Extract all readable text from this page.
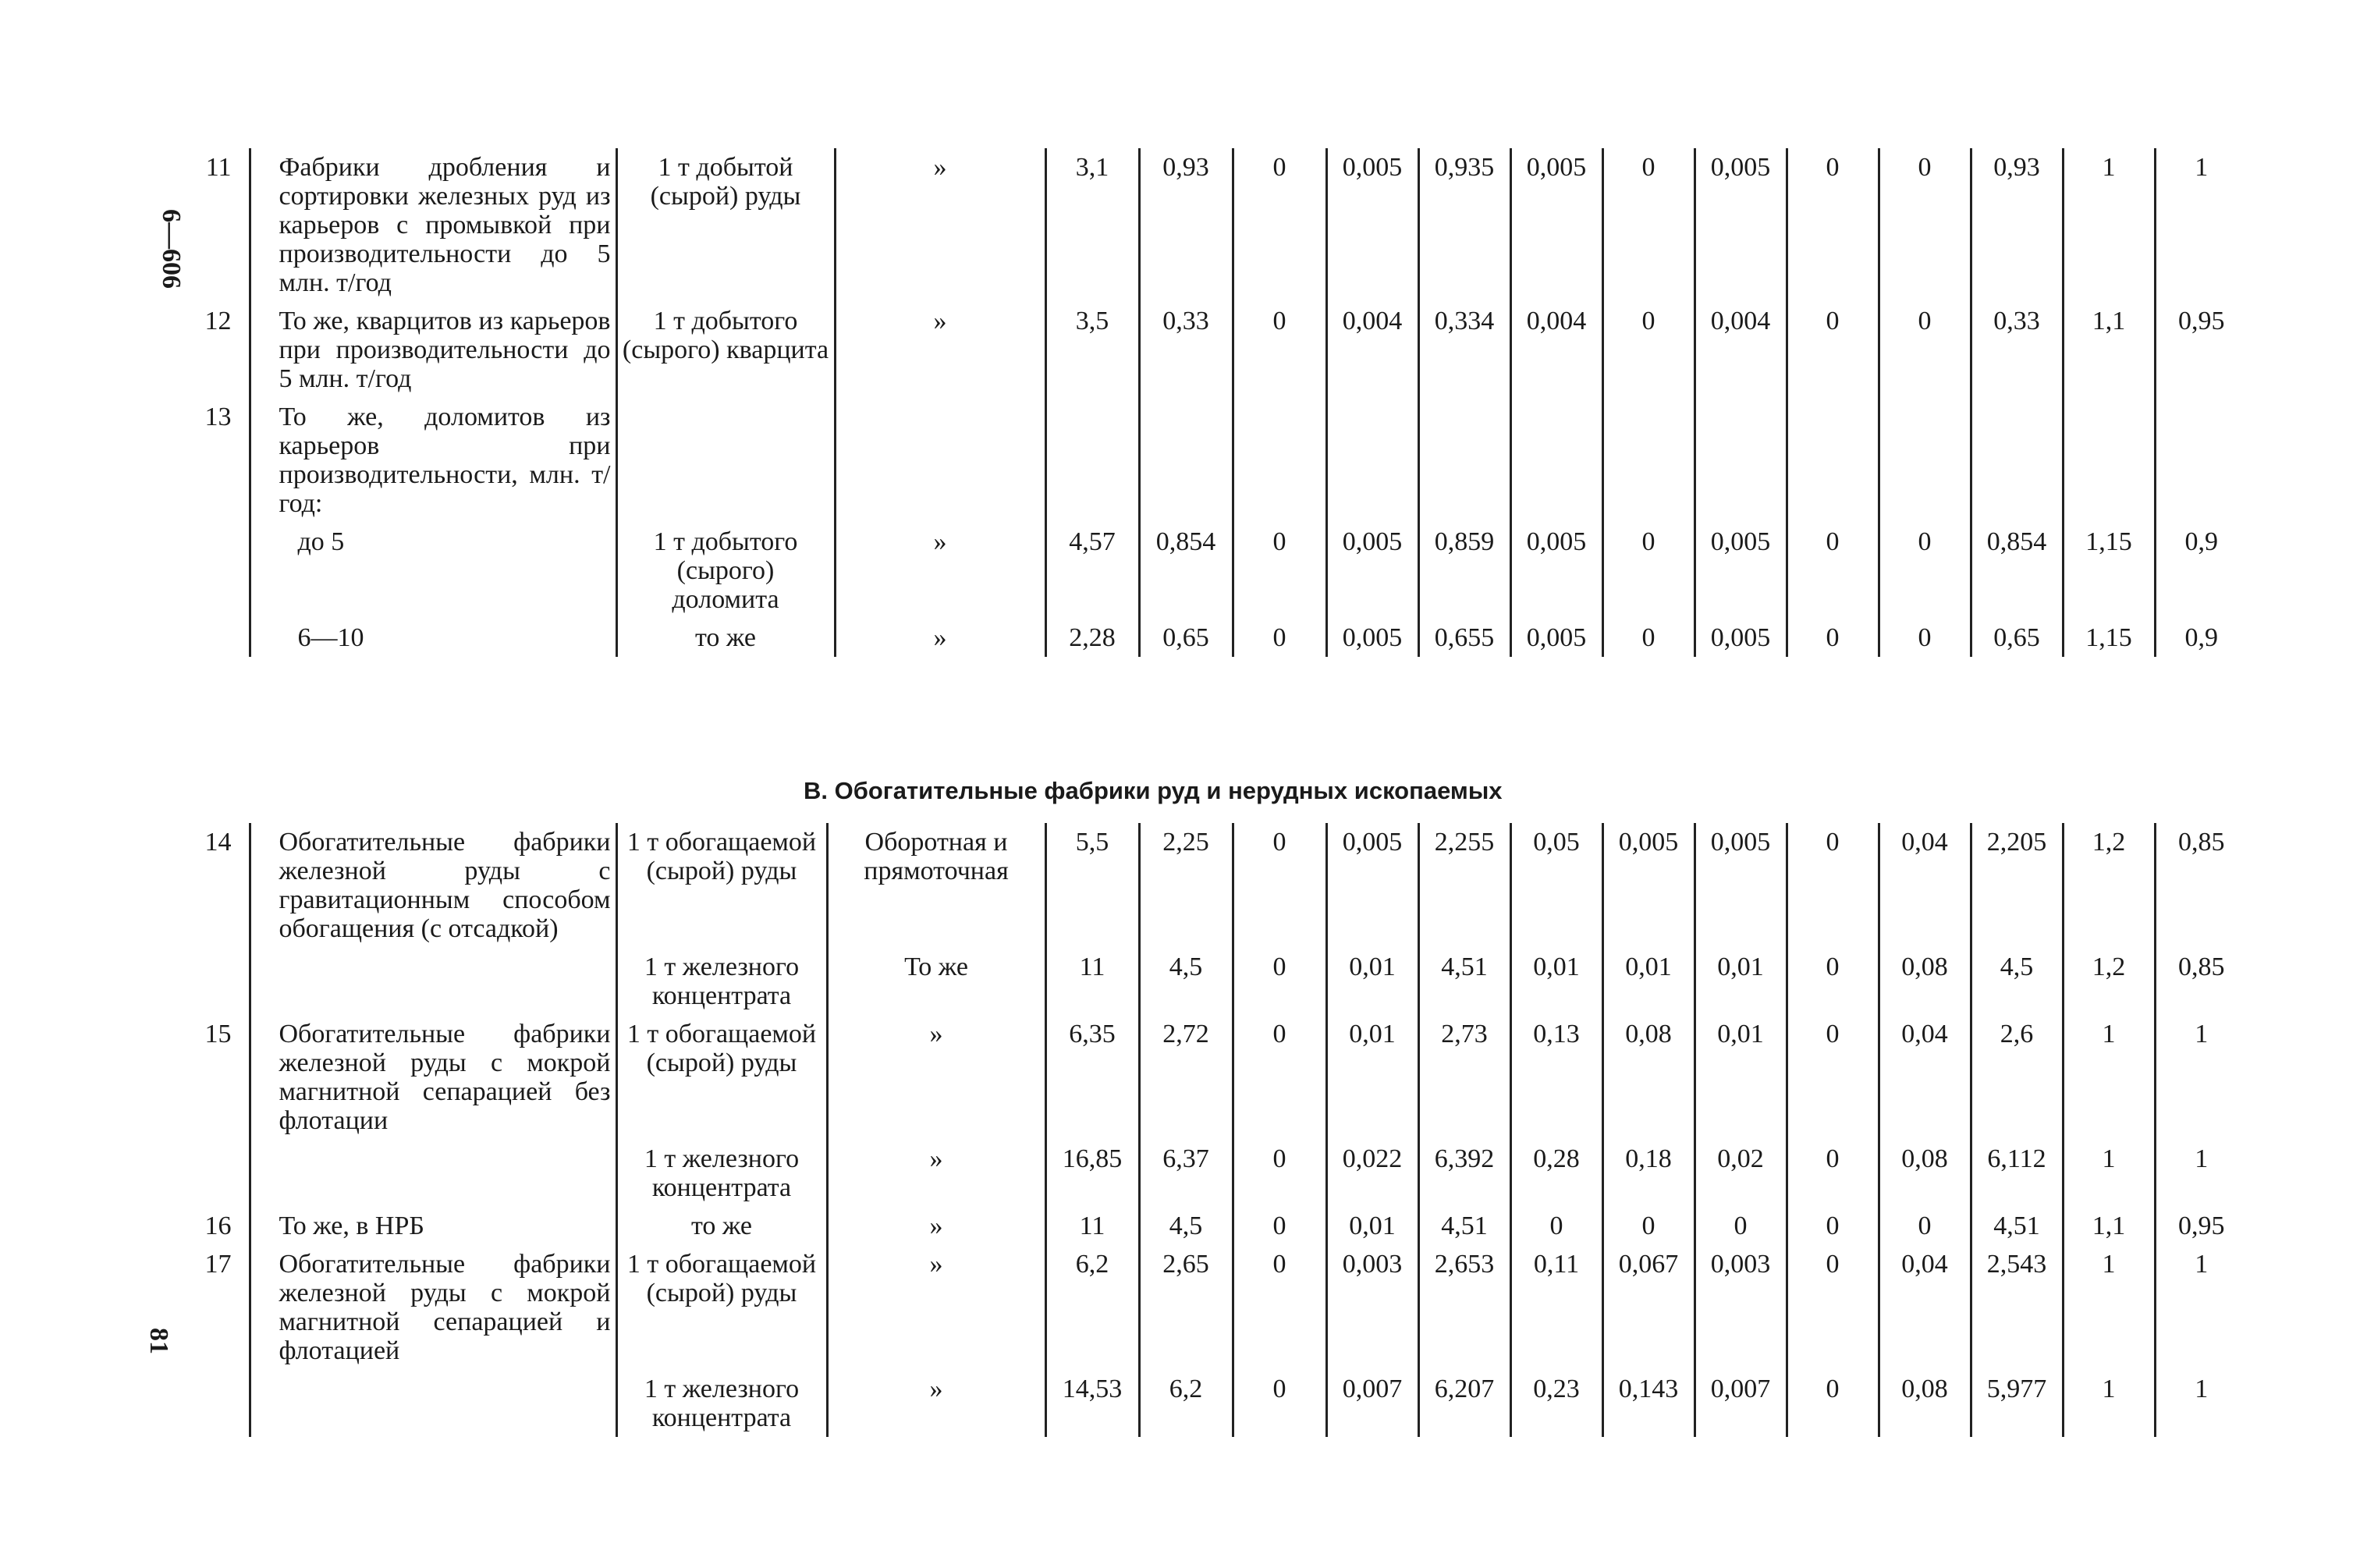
6—606
81
11	Фабрики дробления и сортировки железных руд из карьеров с промывкой при производительности до 5 млн. т/год	1 т добытой (сырой) руды	»	3,1	0,93	0	0,005	0,935	0,005	0	0,005	0	0	0,93	1	1
12	То же, кварцитов из карьеров при производительности до 5 млн. т/год	1 т добытого (сырого) кварцита	»	3,5	0,33	0	0,004	0,334	0,004	0	0,004	0	0	0,33	1,1	0,95
13	То же, доломитов из карьеров при производительности, млн. т/год:															
	до 5	1 т добытого (сырого) доломита	»	4,57	0,854	0	0,005	0,859	0,005	0	0,005	0	0	0,854	1,15	0,9
	6—10	то же	»	2,28	0,65	0	0,005	0,655	0,005	0	0,005	0	0	0,65	1,15	0,9
В. Обогатительные фабрики руд и нерудных ископаемых
14	Обогатительные фабрики железной руды с гравитационным способом обогащения (с отсадкой)	1 т обогащаемой (сырой) руды	Оборотная и прямоточная	5,5	2,25	0	0,005	2,255	0,05	0,005	0,005	0	0,04	2,205	1,2	0,85
		1 т железного концентрата	То же	11	4,5	0	0,01	4,51	0,01	0,01	0,01	0	0,08	4,5	1,2	0,85
15	Обогатительные фабрики железной руды с мокрой магнитной сепарацией без флотации	1 т обогащаемой (сырой) руды	»	6,35	2,72	0	0,01	2,73	0,13	0,08	0,01	0	0,04	2,6	1	1
		1 т железного концентрата	»	16,85	6,37	0	0,022	6,392	0,28	0,18	0,02	0	0,08	6,112	1	1
16	То же, в НРБ	то же	»	11	4,5	0	0,01	4,51	0	0	0	0	0	4,51	1,1	0,95
17	Обогатительные фабрики железной руды с мокрой магнитной сепарацией и флотацией	1 т обогащаемой (сырой) руды	»	6,2	2,65	0	0,003	2,653	0,11	0,067	0,003	0	0,04	2,543	1	1
		1 т железного концентрата	»	14,53	6,2	0	0,007	6,207	0,23	0,143	0,007	0	0,08	5,977	1	1
